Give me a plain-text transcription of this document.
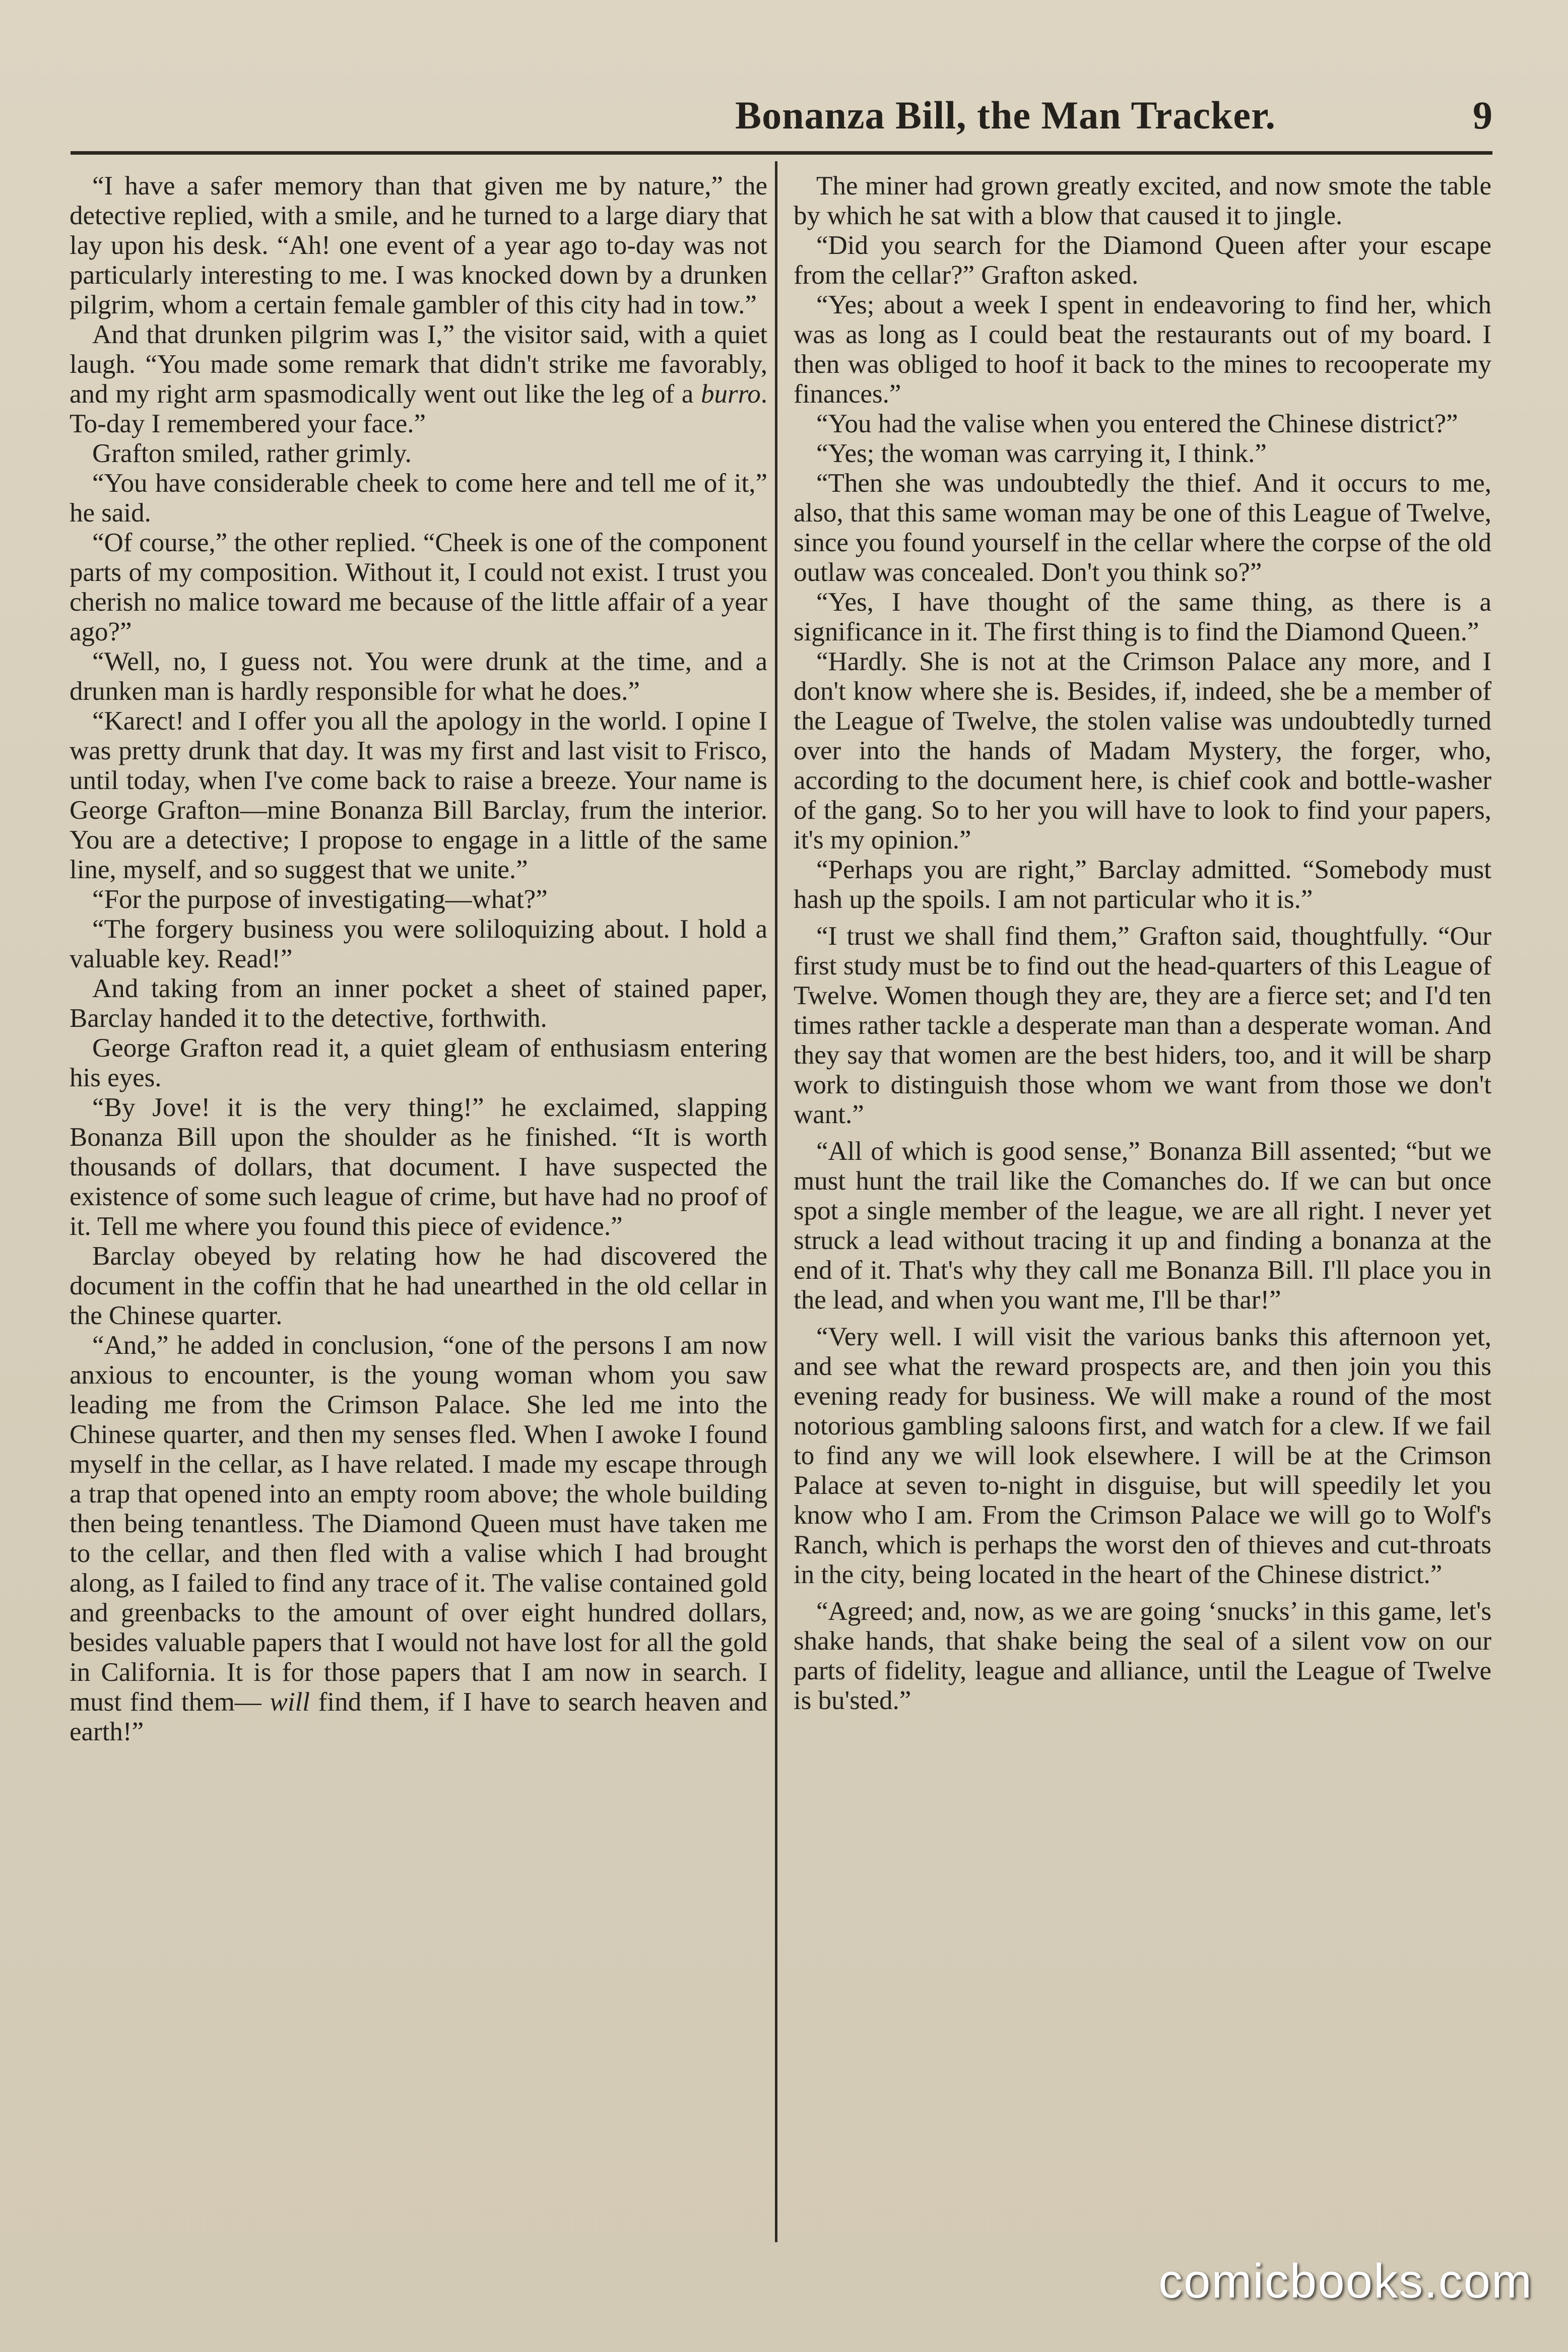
Bonanza Bill, the Man Tracker.	9

“I have a safer memory than that given me by nature,” the detective replied, with a smile, and he turned to a large diary that lay upon his desk. “Ah! one event of a year ago to-day was not particularly interesting to me. I was knocked down by a drunken pilgrim, whom a certain female gambler of this city had in tow.”

And that drunken pilgrim was I,” the visitor said, with a quiet laugh. “You made some remark that didn't strike me favorably, and my right arm spasmodically went out like the leg of a burro. To-day I remembered your face.”

Grafton smiled, rather grimly.

“You have considerable cheek to come here and tell me of it,” he said.

“Of course,” the other replied. “Cheek is one of the component parts of my composition. Without it, I could not exist. I trust you cherish no malice toward me because of the little affair of a year ago?”

“Well, no, I guess not. You were drunk at the time, and a drunken man is hardly responsible for what he does.”

“Karect! and I offer you all the apology in the world. I opine I was pretty drunk that day. It was my first and last visit to Frisco, until today, when I've come back to raise a breeze. Your name is George Grafton—mine Bonanza Bill Barclay, frum the interior. You are a detective; I propose to engage in a little of the same line, myself, and so suggest that we unite.”

“For the purpose of investigating—what?”

“The forgery business you were soliloquizing about. I hold a valuable key. Read!”

And taking from an inner pocket a sheet of stained paper, Barclay handed it to the detective, forthwith.

George Grafton read it, a quiet gleam of enthusiasm entering his eyes.

“By Jove! it is the very thing!” he exclaimed, slapping Bonanza Bill upon the shoulder as he finished. “It is worth thousands of dollars, that document. I have suspected the existence of some such league of crime, but have had no proof of it. Tell me where you found this piece of evidence.”

Barclay obeyed by relating how he had discovered the document in the coffin that he had unearthed in the old cellar in the Chinese quarter.

“And,” he added in conclusion, “one of the persons I am now anxious to encounter, is the young woman whom you saw leading me from the Crimson Palace. She led me into the Chinese quarter, and then my senses fled. When I awoke I found myself in the cellar, as I have related. I made my escape through a trap that opened into an empty room above; the whole building then being tenantless. The Diamond Queen must have taken me to the cellar, and then fled with a valise which I had brought along, as I failed to find any trace of it. The valise contained gold and greenbacks to the amount of over eight hundred dollars, besides valuable papers that I would not have lost for all the gold in California. It is for those papers that I am now in search. I must find them— will find them, if I have to search heaven and earth!”

The miner had grown greatly excited, and now smote the table by which he sat with a blow that caused it to jingle.

“Did you search for the Diamond Queen after your escape from the cellar?” Grafton asked.

“Yes; about a week I spent in endeavoring to find her, which was as long as I could beat the restaurants out of my board. I then was obliged to hoof it back to the mines to recooperate my finances.”

“You had the valise when you entered the Chinese district?”

“Yes; the woman was carrying it, I think.”

“Then she was undoubtedly the thief. And it occurs to me, also, that this same woman may be one of this League of Twelve, since you found yourself in the cellar where the corpse of the old outlaw was concealed. Don't you think so?”

“Yes, I have thought of the same thing, as there is a significance in it. The first thing is to find the Diamond Queen.”

“Hardly. She is not at the Crimson Palace any more, and I don't know where she is. Besides, if, indeed, she be a member of the League of Twelve, the stolen valise was undoubtedly turned over into the hands of Madam Mystery, the forger, who, according to the document here, is chief cook and bottle-washer of the gang. So to her you will have to look to find your papers, it's my opinion.”

“Perhaps you are right,” Barclay admitted. “Somebody must hash up the spoils. I am not particular who it is.”

“I trust we shall find them,” Grafton said, thoughtfully. “Our first study must be to find out the head-quarters of this League of Twelve. Women though they are, they are a fierce set; and I'd ten times rather tackle a desperate man than a desperate woman. And they say that women are the best hiders, too, and it will be sharp work to distinguish those whom we want from those we don't want.”

“All of which is good sense,” Bonanza Bill assented; “but we must hunt the trail like the Comanches do. If we can but once spot a single member of the league, we are all right. I never yet struck a lead without tracing it up and finding a bonanza at the end of it. That's why they call me Bonanza Bill. I'll place you in the lead, and when you want me, I'll be thar!”

“Very well. I will visit the various banks this afternoon yet, and see what the reward prospects are, and then join you this evening ready for business. We will make a round of the most notorious gambling saloons first, and watch for a clew. If we fail to find any we will look elsewhere. I will be at the Crimson Palace at seven to-night in disguise, but will speedily let you know who I am. From the Crimson Palace we will go to Wolf's Ranch, which is perhaps the worst den of thieves and cut-throats in the city, being located in the heart of the Chinese district.”

“Agreed; and, now, as we are going ‘snucks’ in this game, let's shake hands, that shake being the seal of a silent vow on our parts of fidelity, league and alliance, until the League of Twelve is bu'sted.”

comicbooks.com
